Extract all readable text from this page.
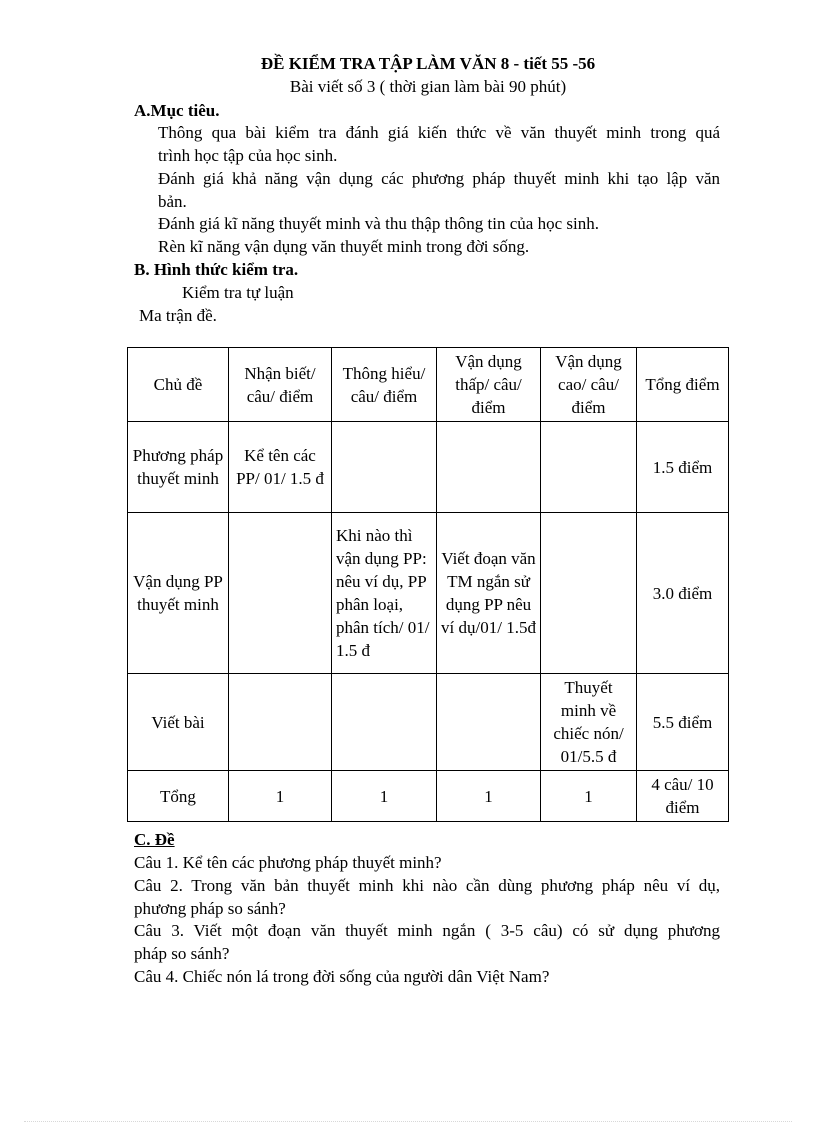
ĐỀ KIỂM TRA TẬP LÀM VĂN 8 - tiết 55 -56
Bài viết số 3 ( thời gian làm bài 90 phút)
A.Mục tiêu.
Thông qua bài kiểm tra đánh giá kiến thức về văn thuyết minh trong quá
trình học tập của học sinh.
Đánh giá khả năng vận dụng các phương pháp thuyết minh khi tạo lập văn
bản.
Đánh giá kĩ năng thuyết minh và thu thập thông tin của học sinh.
Rèn kĩ năng vận dụng văn thuyết minh trong đời sống.
B. Hình thức kiểm tra.
Kiểm tra tự luận
Ma trận đề.
Chủ đề	Nhận biết/ câu/ điểm	Thông hiểu/ câu/ điểm	Vận dụng thấp/ câu/ điểm	Vận dụng cao/ câu/ điểm	Tổng điểm
Phương pháp thuyết minh	Kể tên các PP/ 01/ 1.5 đ				1.5 điểm
Vận dụng PP thuyết minh		Khi nào thì vận dụng PP: nêu ví dụ, PP phân loại, phân tích/ 01/ 1.5 đ	Viết đoạn văn TM ngắn sử dụng PP nêu ví dụ/01/ 1.5đ		3.0 điểm
Viết bài				Thuyết minh về chiếc nón/ 01/5.5 đ	5.5 điểm
Tổng	1	1	1	1	4 câu/ 10 điểm
C. Đề
Câu 1. Kể tên các phương pháp thuyết minh?
Câu 2. Trong văn bản thuyết minh khi nào cần dùng phương pháp nêu ví dụ,
phương pháp so sánh?
Câu 3. Viết một đoạn văn thuyết minh ngắn ( 3-5 câu) có sử dụng phương
pháp so sánh?
Câu 4. Chiếc nón lá trong đời sống của người dân Việt Nam?
